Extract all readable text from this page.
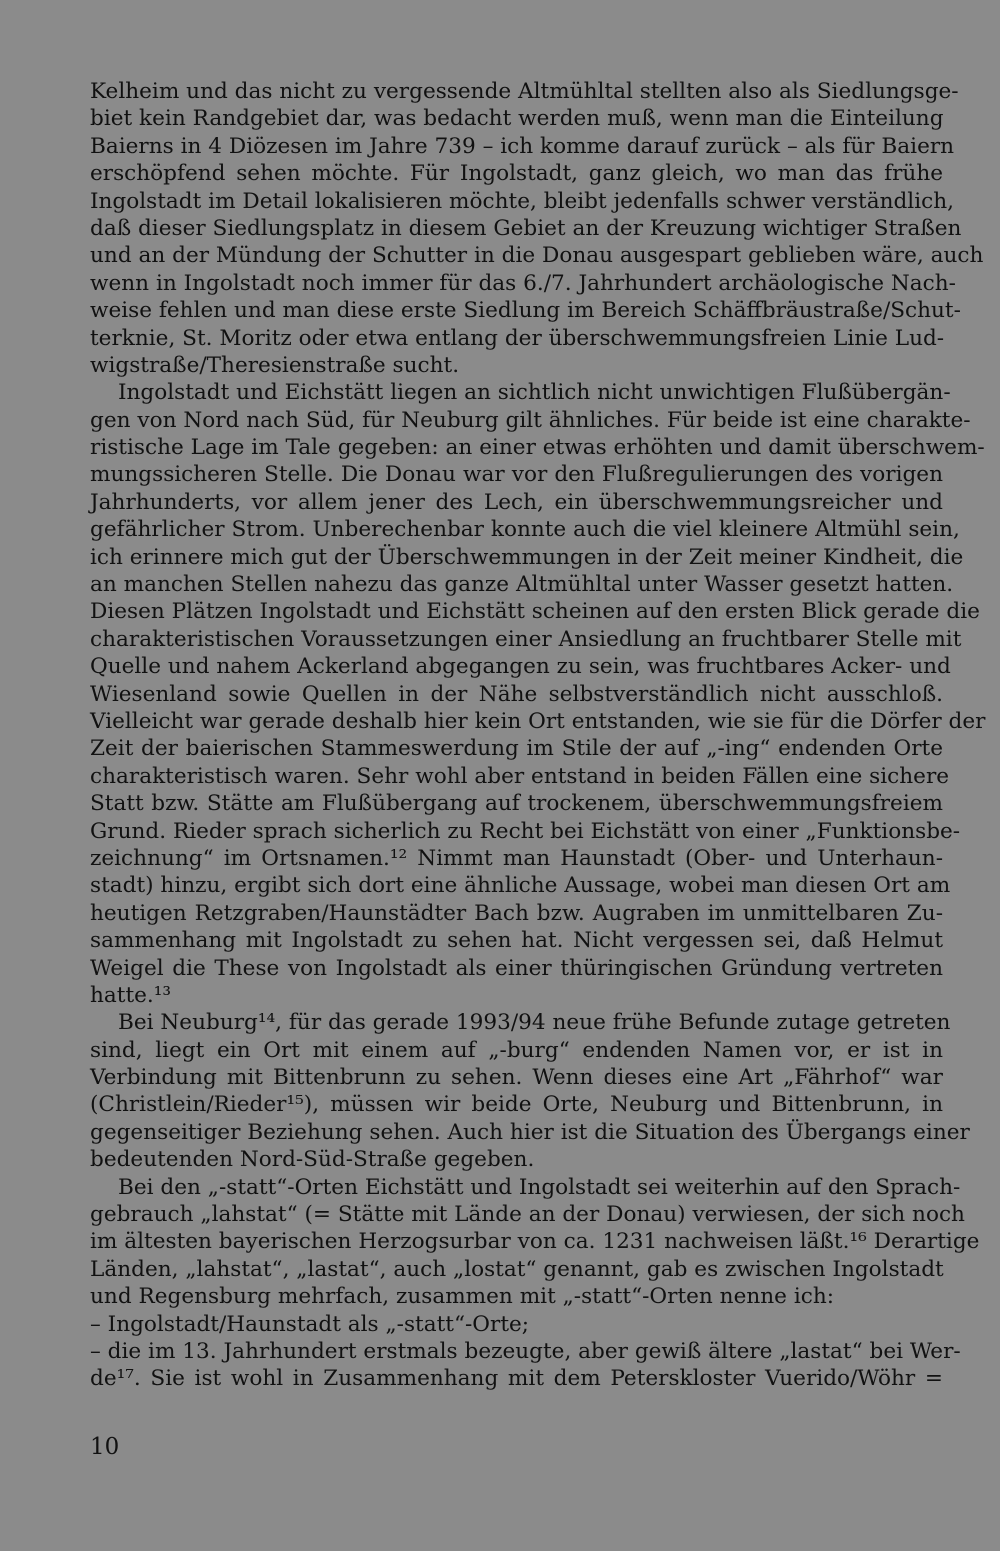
Kelheim und das nicht zu vergessende Altmühltal stellten also als Siedlungsge-
biet kein Randgebiet dar, was bedacht werden muß, wenn man die Einteilung
Baierns in 4 Diözesen im Jahre 739 – ich komme darauf zurück – als für Baiern
erschöpfend sehen möchte. Für Ingolstadt, ganz gleich, wo man das frühe
Ingolstadt im Detail lokalisieren möchte, bleibt jedenfalls schwer verständlich,
daß dieser Siedlungsplatz in diesem Gebiet an der Kreuzung wichtiger Straßen
und an der Mündung der Schutter in die Donau ausgespart geblieben wäre, auch
wenn in Ingolstadt noch immer für das 6./7. Jahrhundert archäologische Nach-
weise fehlen und man diese erste Siedlung im Bereich Schäffbräustraße/Schut-
terknie, St. Moritz oder etwa entlang der überschwemmungsfreien Linie Lud-
wigstraße/Theresienstraße sucht.
Ingolstadt und Eichstätt liegen an sichtlich nicht unwichtigen Flußübergän-
gen von Nord nach Süd, für Neuburg gilt ähnliches. Für beide ist eine charakte-
ristische Lage im Tale gegeben: an einer etwas erhöhten und damit überschwem-
mungssicheren Stelle. Die Donau war vor den Flußregulierungen des vorigen
Jahrhunderts, vor allem jener des Lech, ein überschwemmungsreicher und
gefährlicher Strom. Unberechenbar konnte auch die viel kleinere Altmühl sein,
ich erinnere mich gut der Überschwemmungen in der Zeit meiner Kindheit, die
an manchen Stellen nahezu das ganze Altmühltal unter Wasser gesetzt hatten.
Diesen Plätzen Ingolstadt und Eichstätt scheinen auf den ersten Blick gerade die
charakteristischen Voraussetzungen einer Ansiedlung an fruchtbarer Stelle mit
Quelle und nahem Ackerland abgegangen zu sein, was fruchtbares Acker- und
Wiesenland sowie Quellen in der Nähe selbstverständlich nicht ausschloß.
Vielleicht war gerade deshalb hier kein Ort entstanden, wie sie für die Dörfer der
Zeit der baierischen Stammeswerdung im Stile der auf „-ing“ endenden Orte
charakteristisch waren. Sehr wohl aber entstand in beiden Fällen eine sichere
Statt bzw. Stätte am Flußübergang auf trockenem, überschwemmungsfreiem
Grund. Rieder sprach sicherlich zu Recht bei Eichstätt von einer „Funktionsbe-
zeichnung“ im Ortsnamen.¹² Nimmt man Haunstadt (Ober- und Unterhaun-
stadt) hinzu, ergibt sich dort eine ähnliche Aussage, wobei man diesen Ort am
heutigen Retzgraben/Haunstädter Bach bzw. Augraben im unmittelbaren Zu-
sammenhang mit Ingolstadt zu sehen hat. Nicht vergessen sei, daß Helmut
Weigel die These von Ingolstadt als einer thüringischen Gründung vertreten
hatte.¹³
Bei Neuburg¹⁴, für das gerade 1993/94 neue frühe Befunde zutage getreten
sind, liegt ein Ort mit einem auf „-burg“ endenden Namen vor, er ist in
Verbindung mit Bittenbrunn zu sehen. Wenn dieses eine Art „Fährhof“ war
(Christlein/Rieder¹⁵), müssen wir beide Orte, Neuburg und Bittenbrunn, in
gegenseitiger Beziehung sehen. Auch hier ist die Situation des Übergangs einer
bedeutenden Nord-Süd-Straße gegeben.
Bei den „-statt“-Orten Eichstätt und Ingolstadt sei weiterhin auf den Sprach-
gebrauch „lahstat“ (= Stätte mit Lände an der Donau) verwiesen, der sich noch
im ältesten bayerischen Herzogsurbar von ca. 1231 nachweisen läßt.¹⁶ Derartige
Länden, „lahstat“, „lastat“, auch „lostat“ genannt, gab es zwischen Ingolstadt
und Regensburg mehrfach, zusammen mit „-statt“-Orten nenne ich:
– Ingolstadt/Haunstadt als „-statt“-Orte;
– die im 13. Jahrhundert erstmals bezeugte, aber gewiß ältere „lastat“ bei Wer-
de¹⁷. Sie ist wohl in Zusammenhang mit dem Peterskloster Vuerido/Wöhr =
10
